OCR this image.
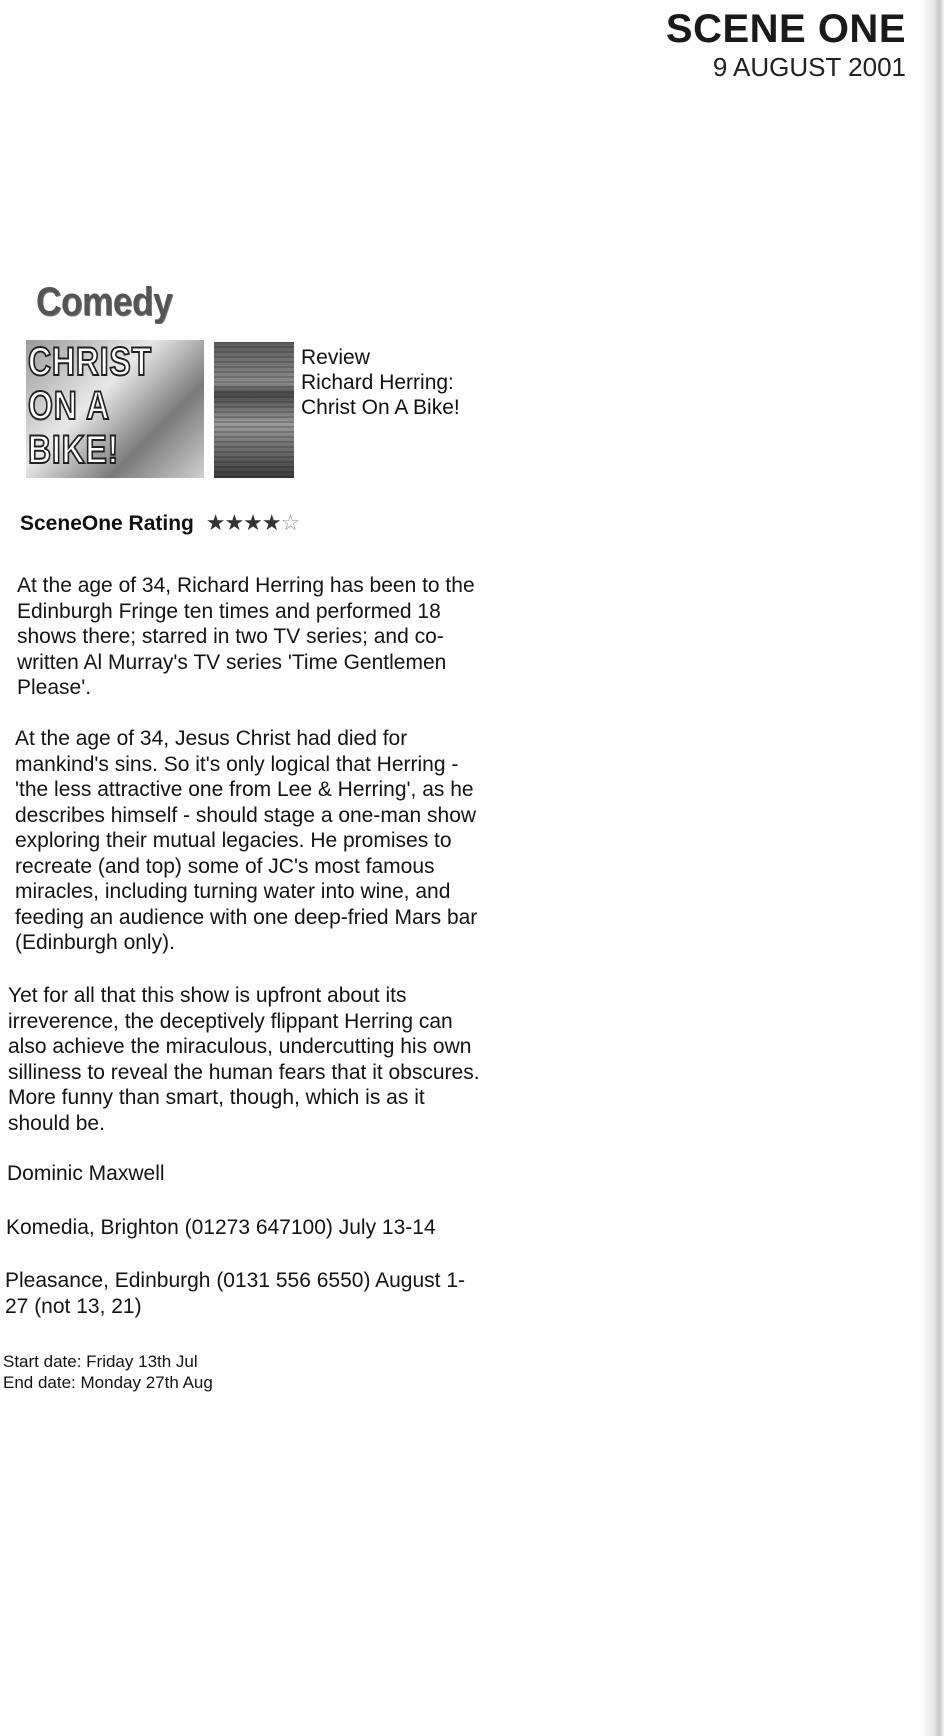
SCENE ONE
9 AUGUST 2001
Comedy
CHRIST
ON A
BIKE!
Review
Richard Herring:
Christ On A Bike!
SceneOne Rating ★★★★☆

At the age of 34, Richard Herring has been to the Edinburgh Fringe ten times and performed 18 shows there; starred in two TV series; and co-written Al Murray's TV series 'Time Gentlemen Please'.

At the age of 34, Jesus Christ had died for mankind's sins. So it's only logical that Herring - 'the less attractive one from Lee & Herring', as he describes himself - should stage a one-man show exploring their mutual legacies. He promises to recreate (and top) some of JC's most famous miracles, including turning water into wine, and feeding an audience with one deep-fried Mars bar (Edinburgh only).

Yet for all that this show is upfront about its irreverence, the deceptively flippant Herring can also achieve the miraculous, undercutting his own silliness to reveal the human fears that it obscures. More funny than smart, though, which is as it should be.

Dominic Maxwell
Komedia, Brighton (01273 647100) July 13-14

Pleasance, Edinburgh (0131 556 6550) August 1-27 (not 13, 21)

Start date: Friday 13th Jul
End date: Monday 27th Aug
